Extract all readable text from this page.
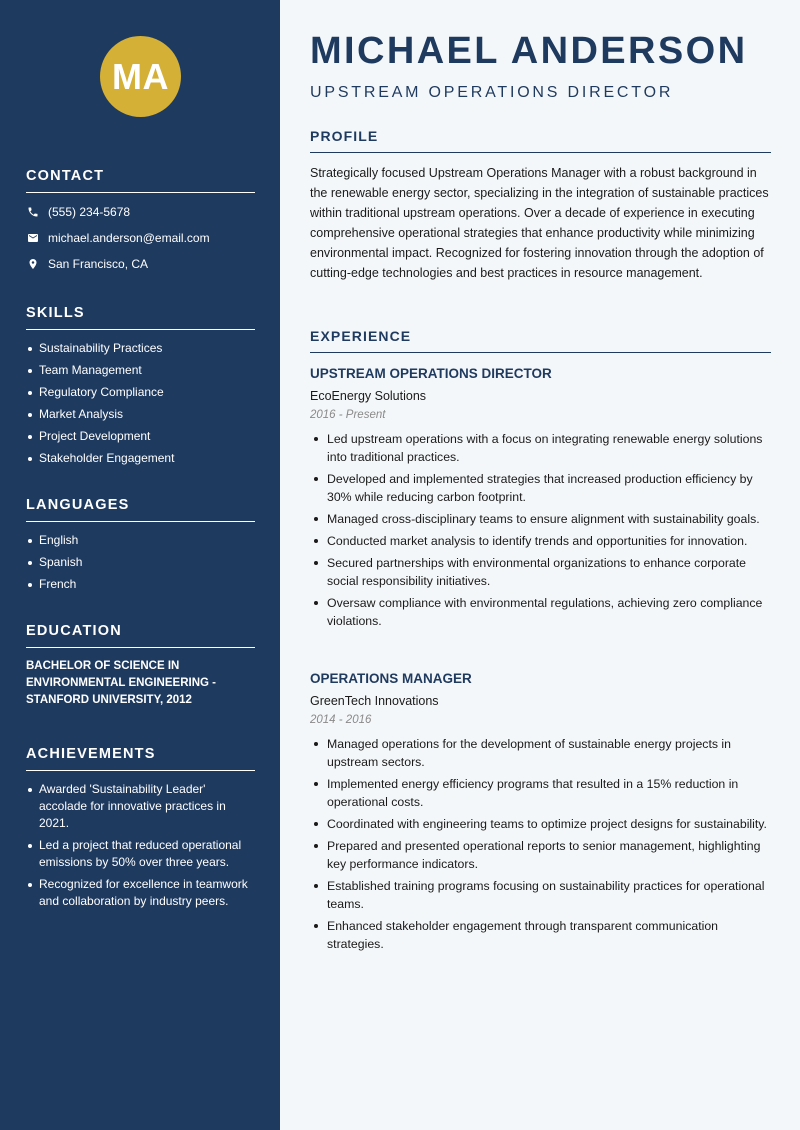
MA
CONTACT
(555) 234-5678
michael.anderson@email.com
San Francisco, CA
SKILLS
Sustainability Practices
Team Management
Regulatory Compliance
Market Analysis
Project Development
Stakeholder Engagement
LANGUAGES
English
Spanish
French
EDUCATION
BACHELOR OF SCIENCE IN ENVIRONMENTAL ENGINEERING - STANFORD UNIVERSITY, 2012
ACHIEVEMENTS
Awarded 'Sustainability Leader' accolade for innovative practices in 2021.
Led a project that reduced operational emissions by 50% over three years.
Recognized for excellence in teamwork and collaboration by industry peers.
MICHAEL ANDERSON
UPSTREAM OPERATIONS DIRECTOR
PROFILE
Strategically focused Upstream Operations Manager with a robust background in the renewable energy sector, specializing in the integration of sustainable practices within traditional upstream operations. Over a decade of experience in executing comprehensive operational strategies that enhance productivity while minimizing environmental impact. Recognized for fostering innovation through the adoption of cutting-edge technologies and best practices in resource management.
EXPERIENCE
UPSTREAM OPERATIONS DIRECTOR
EcoEnergy Solutions
2016 - Present
Led upstream operations with a focus on integrating renewable energy solutions into traditional practices.
Developed and implemented strategies that increased production efficiency by 30% while reducing carbon footprint.
Managed cross-disciplinary teams to ensure alignment with sustainability goals.
Conducted market analysis to identify trends and opportunities for innovation.
Secured partnerships with environmental organizations to enhance corporate social responsibility initiatives.
Oversaw compliance with environmental regulations, achieving zero compliance violations.
OPERATIONS MANAGER
GreenTech Innovations
2014 - 2016
Managed operations for the development of sustainable energy projects in upstream sectors.
Implemented energy efficiency programs that resulted in a 15% reduction in operational costs.
Coordinated with engineering teams to optimize project designs for sustainability.
Prepared and presented operational reports to senior management, highlighting key performance indicators.
Established training programs focusing on sustainability practices for operational teams.
Enhanced stakeholder engagement through transparent communication strategies.
